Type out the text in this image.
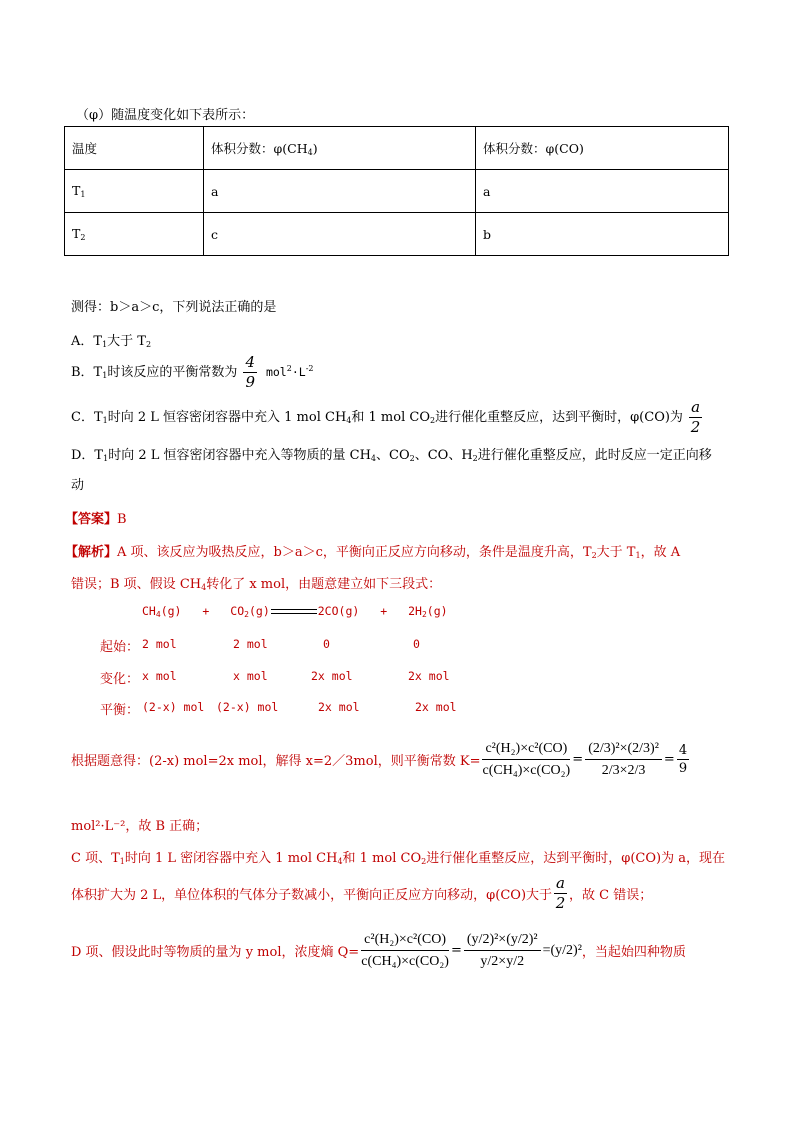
（φ）随温度变化如下表所示：
温度	体积分数：$\varphi(CH_4)$	体积分数：φ(CO)
$T_1$	a	a
$T_2$	c	b
测得：b＞a＞c，下列说法正确的是
A．$T_1$大于 $T_2$
B．$T_1$时该反应的平衡常数为 $\frac{4}{9} mol^2\cdot L^{-2}$
C．$T_1$时向 2 L 恒容密闭容器中充入 1 mol $CH_4$和 1 mol $CO_2$进行催化重整反应，达到平衡时，φ(CO)为 $\frac{a}{2}$
D．$T_1$时向 2 L 恒容密闭容器中充入等物质的量 $CH_4$、$CO_2$、CO、$H_2$进行催化重整反应，此时反应一定正向移
动
【答案】B
【解析】A 项、该反应为吸热反应，b＞a＞c，平衡向正反应方向移动，条件是温度升高，$T_2$大于 $T_1$，故 A
错误；B 项、假设 $CH_4$转化了 x mol，由题意建立如下三段式：
$CH_4(g) + CO_2(g)$	$2CO(g) + 2H_2(g)$
起始： 2 mol	2 mol	0	0
变化： x mol	x mol	2x mol	2x mol
平衡： (2-x) mol (2-x) mol	2x mol	2x mol
根据题意得：(2-x) mol=2x mol，解得 x=2／3mol，则平衡常数 $K= \frac{\text{c²(H₂)×c²(CO)}}{\text{c(CH₄)×c(CO₂)}} = \frac{\text{(2/3)²×(2/3)²}}{2/3\times 2/3} = \frac{4}{9}$
mol²·L⁻²，故 B 正确；
C 项、$T_1$时向 1 L 密闭容器中充入 1 mol $CH_4$和 1 mol $CO_2$进行催化重整反应，达到平衡时，φ(CO)为 a，现在
体积扩大为 2 L，单位体积的气体分子数减小，平衡向正反应方向移动，φ(CO)大于 $\frac{a}{2}$ ，故 C 错误；
D 项、假设此时等物质的量为 y mol，浓度熵 $Q= \frac{\text{c²(H₂)×c²(CO)}}{\text{c(CH₄)×c(CO₂)}} = \frac{\text{(y/2)²×(y/2)²}}{y/2\times y/2} =(y/2)^2$ ，当起始四种物质
